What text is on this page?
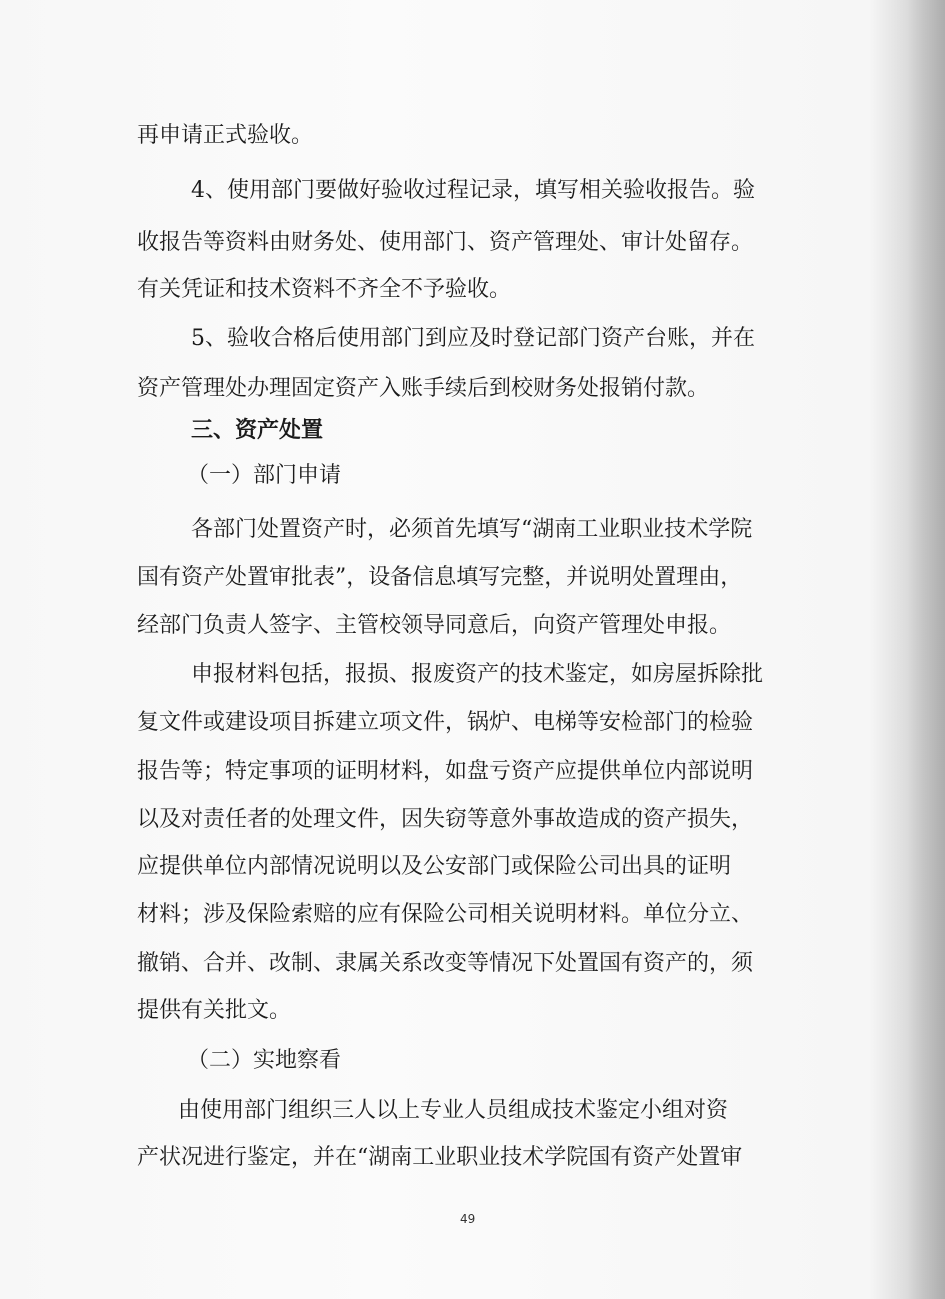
再申请正式验收。
4、使用部门要做好验收过程记录，填写相关验收报告。验
收报告等资料由财务处、使用部门、资产管理处、审计处留存。
有关凭证和技术资料不齐全不予验收。
5、验收合格后使用部门到应及时登记部门资产台账，并在
资产管理处办理固定资产入账手续后到校财务处报销付款。
三、资产处置
（一）部门申请
各部门处置资产时，必须首先填写“湖南工业职业技术学院
国有资产处置审批表”，设备信息填写完整，并说明处置理由，
经部门负责人签字、主管校领导同意后，向资产管理处申报。
申报材料包括，报损、报废资产的技术鉴定，如房屋拆除批
复文件或建设项目拆建立项文件，锅炉、电梯等安检部门的检验
报告等；特定事项的证明材料，如盘亏资产应提供单位内部说明
以及对责任者的处理文件，因失窃等意外事故造成的资产损失，
应提供单位内部情况说明以及公安部门或保险公司出具的证明
材料；涉及保险索赔的应有保险公司相关说明材料。单位分立、
撤销、合并、改制、隶属关系改变等情况下处置国有资产的，须
提供有关批文。
（二）实地察看
由使用部门组织三人以上专业人员组成技术鉴定小组对资
产状况进行鉴定，并在“湖南工业职业技术学院国有资产处置审
49
